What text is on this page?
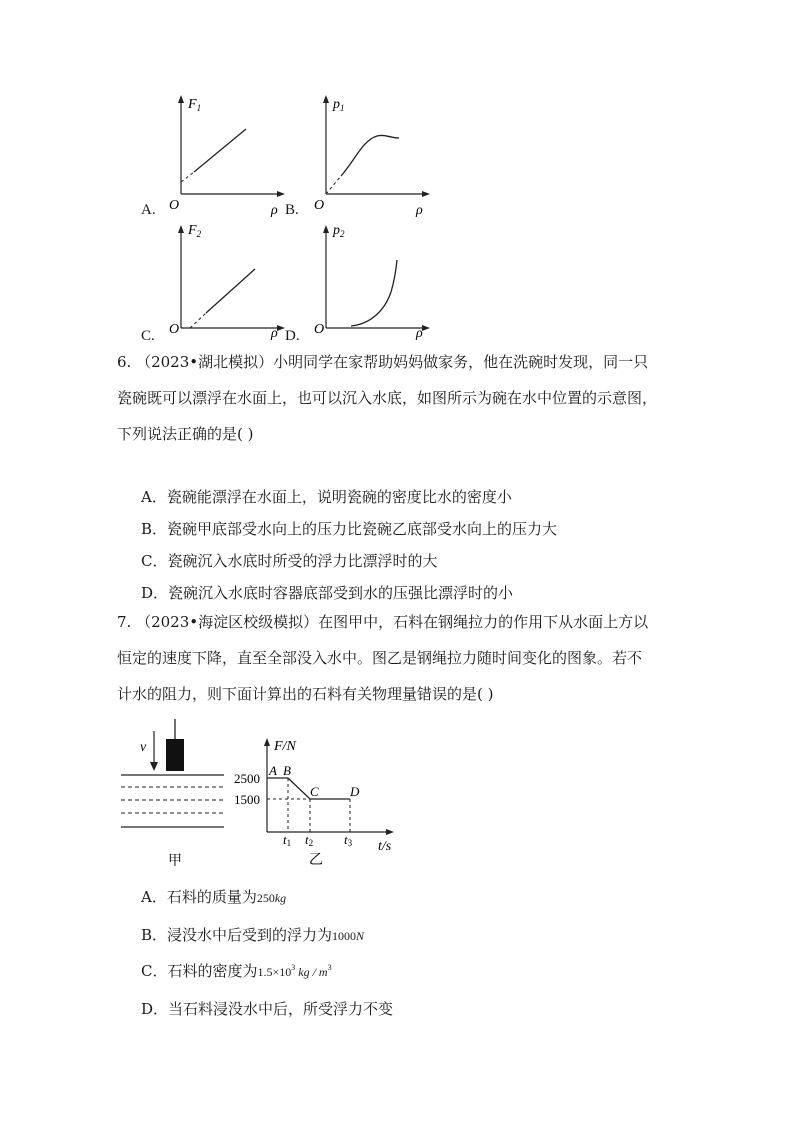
A.
$F_1$
O	ρ B.
$p_1$
O	ρ
C.
$F_2$
O	ρ D.
$p_2$
O	ρ

6. （2023•湖北模拟）小明同学在家帮助妈妈做家务，他在洗碗时发现，同一只

瓷碗既可以漂浮在水面上，也可以沉入水底，如图所示为碗在水中位置的示意图，

下列说法正确的是( )

A．瓷碗能漂浮在水面上，说明瓷碗的密度比水的密度小
B．瓷碗甲底部受水向上的压力比瓷碗乙底部受水向上的压力大
C．瓷碗沉入水底时所受的浮力比漂浮时的大
D．瓷碗沉入水底时容器底部受到水的压强比漂浮时的小

7. （2023•海淀区校级模拟）在图甲中，石料在钢绳拉力的作用下从水面上方以

恒定的速度下降，直至全部没入水中。图乙是钢绳拉力随时间变化的图象。若不

计水的阻力，则下面计算出的石料有关物理量错误的是( )

v
甲
F/N
2500
1500
A B
C D
t1 t2 t3 t/s
乙
A．石料的质量为250kg
B．浸没水中后受到的浮力为1000N
C．石料的密度为$1.5\times 10^3$ kg / $m^3$
D．当石料浸没水中后，所受浮力不变
